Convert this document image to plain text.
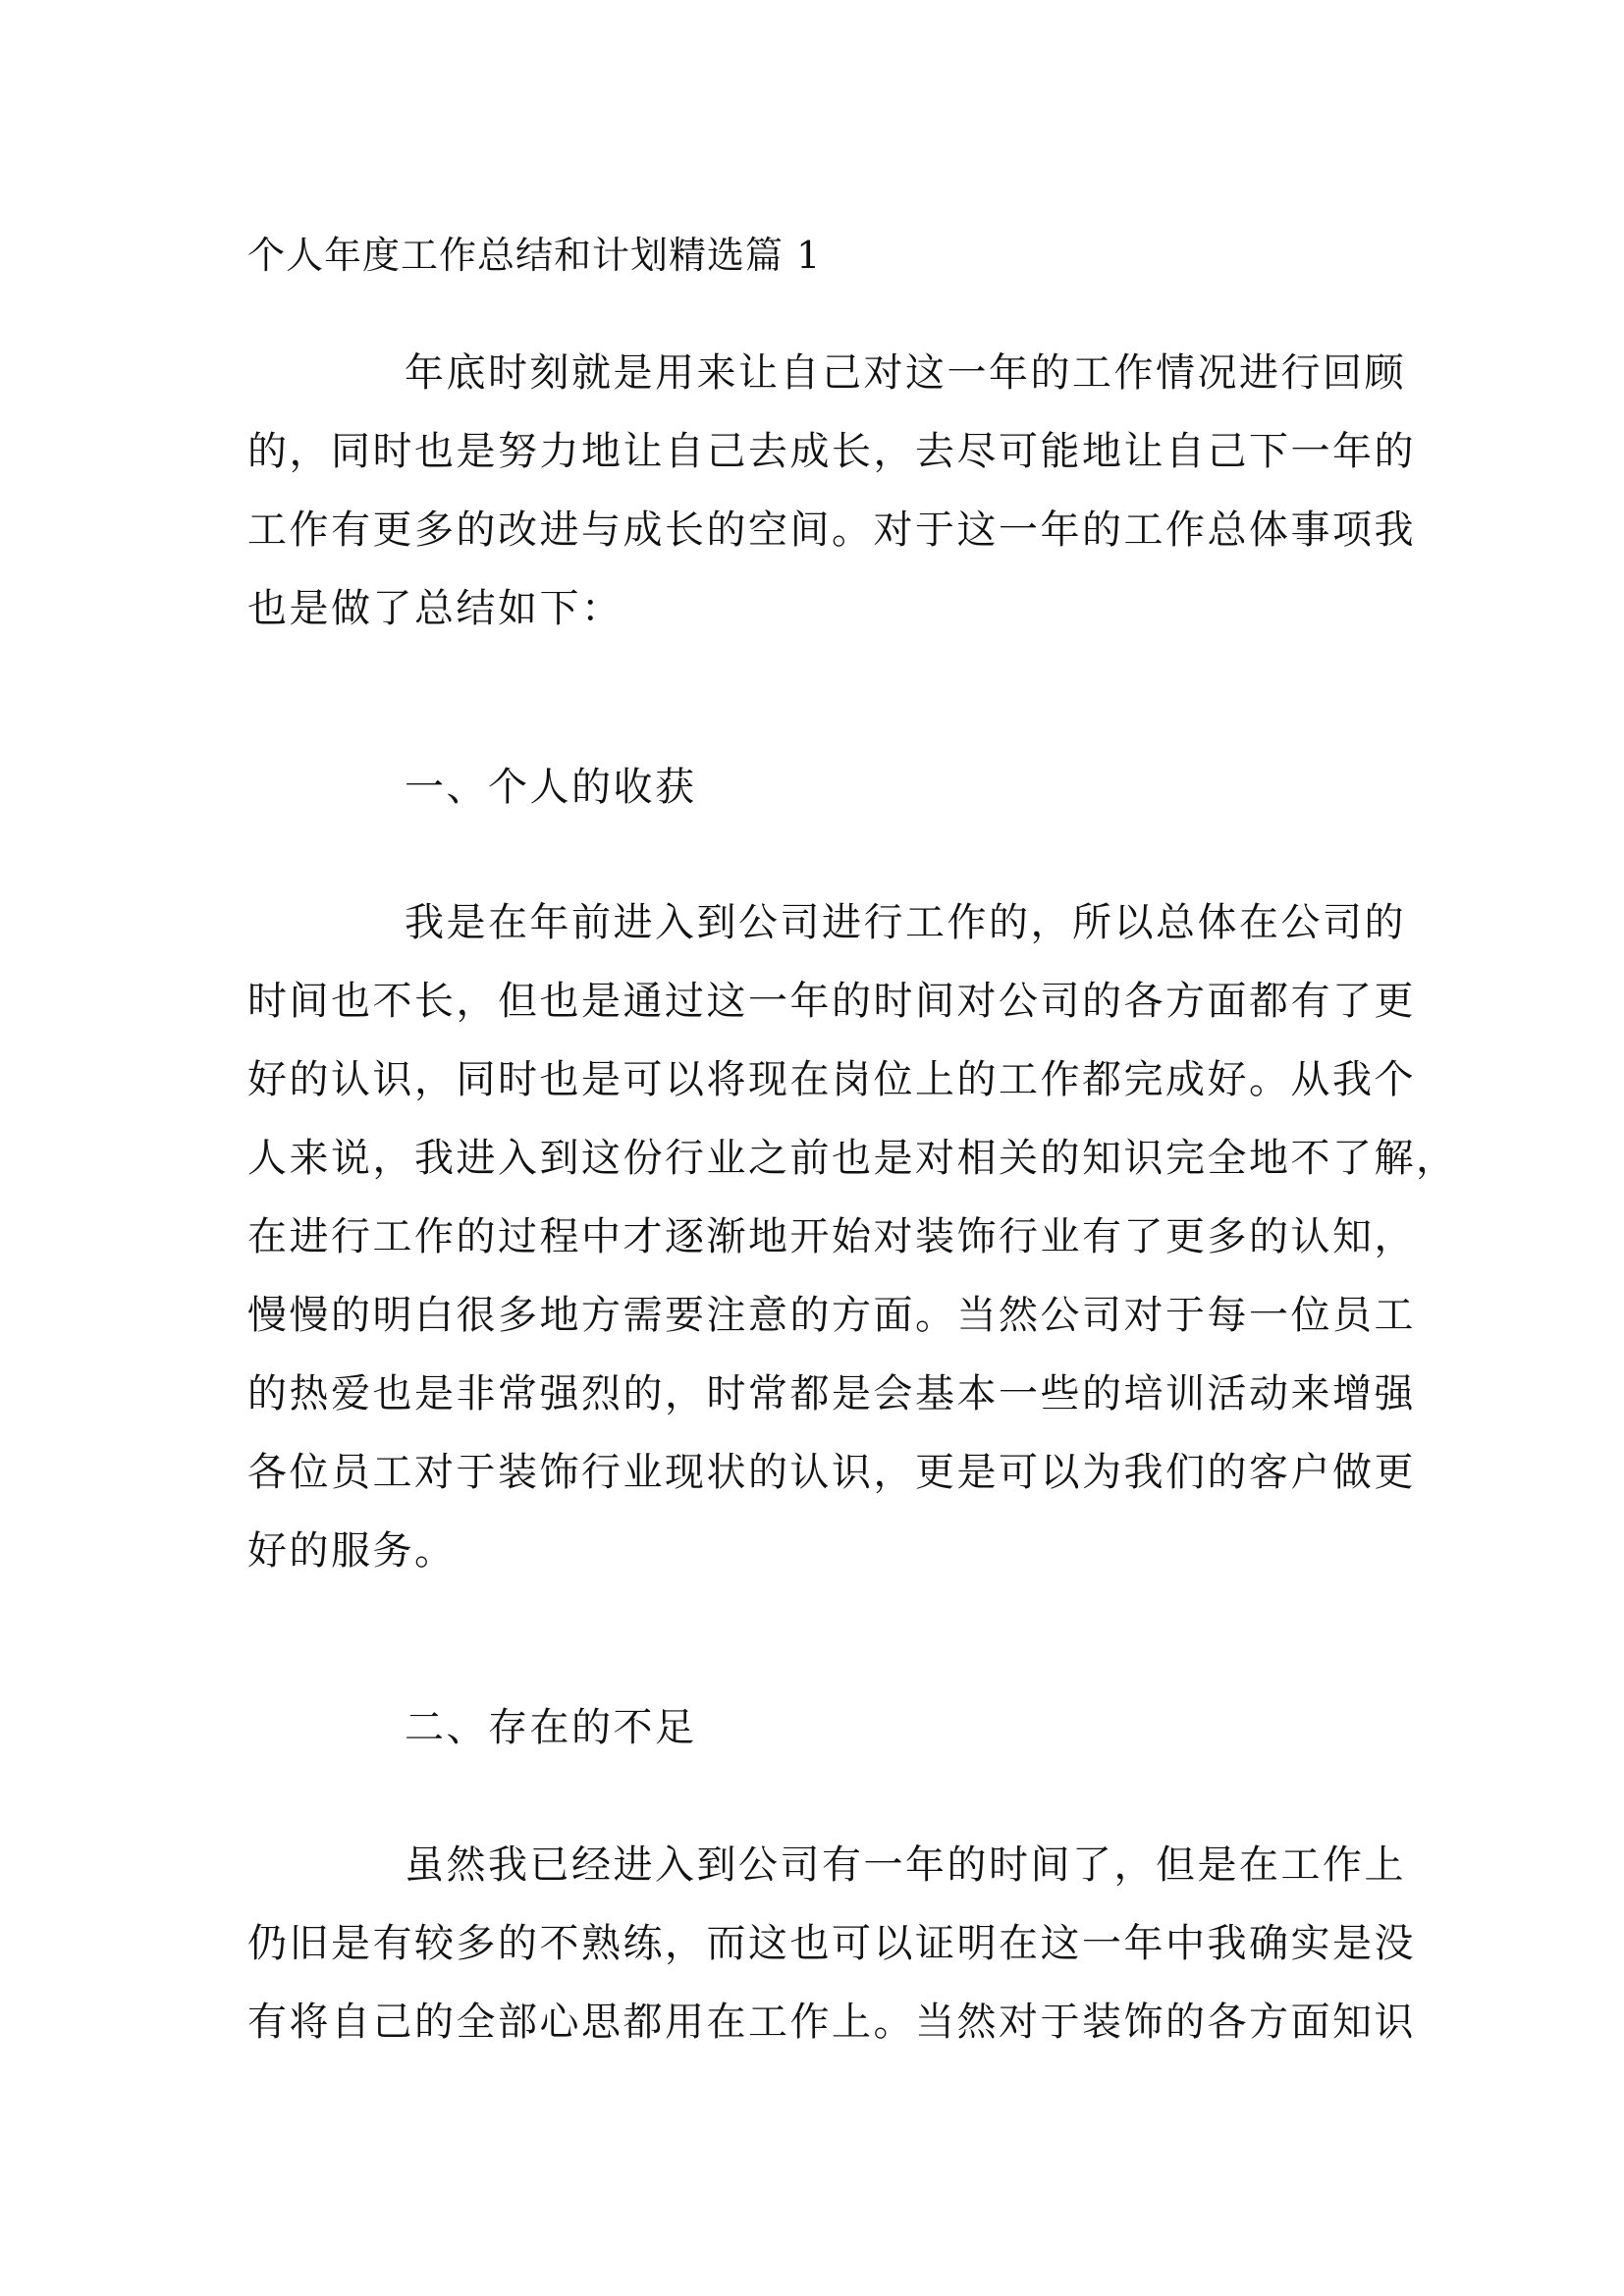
个人年度工作总结和计划精选篇 1
年底时刻就是用来让自己对这一年的工作情况进行回顾
的，同时也是努力地让自己去成长，去尽可能地让自己下一年的
工作有更多的改进与成长的空间。对于这一年的工作总体事项我
也是做了总结如下：
一、个人的收获
我是在年前进入到公司进行工作的，所以总体在公司的
时间也不长，但也是通过这一年的时间对公司的各方面都有了更
好的认识，同时也是可以将现在岗位上的工作都完成好。从我个
人来说，我进入到这份行业之前也是对相关的知识完全地不了解，
在进行工作的过程中才逐渐地开始对装饰行业有了更多的认知，
慢慢的明白很多地方需要注意的方面。当然公司对于每一位员工
的热爱也是非常强烈的，时常都是会基本一些的培训活动来增强
各位员工对于装饰行业现状的认识，更是可以为我们的客户做更
好的服务。
二、存在的不足
虽然我已经进入到公司有一年的时间了，但是在工作上
仍旧是有较多的不熟练，而这也可以证明在这一年中我确实是没
有将自己的全部心思都用在工作上。当然对于装饰的各方面知识
